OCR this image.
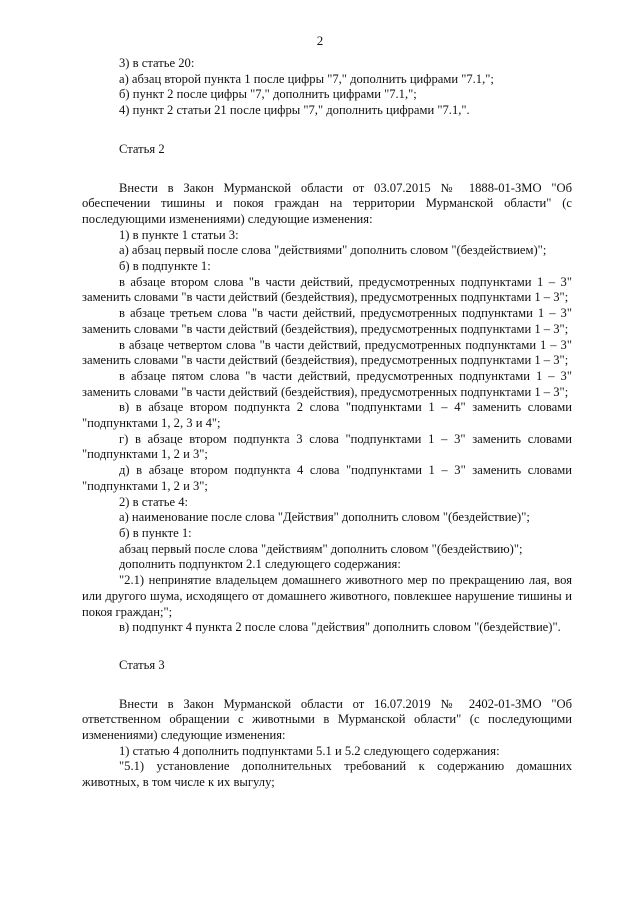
2

3) в статье 20:

а) абзац второй пункта 1 после цифры "7," дополнить цифрами "7.1,";

б) пункт 2 после цифры "7," дополнить цифрами "7.1,";

4) пункт 2 статьи 21 после цифры "7," дополнить цифрами "7.1,".

Статья 2

Внести в Закон Мурманской области от 03.07.2015 № 1888-01-ЗМО "Об обеспечении тишины и покоя граждан на территории Мурманской области" (с последующими изменениями) следующие изменения:

1) в пункте 1 статьи 3:

а) абзац первый после слова "действиями" дополнить словом "(бездействием)";

б) в подпункте 1:

в абзаце втором слова "в части действий, предусмотренных подпунктами 1 – 3" заменить словами "в части действий (бездействия), предусмотренных подпунктами 1 – 3";

в абзаце третьем слова "в части действий, предусмотренных подпунктами 1 – 3" заменить словами "в части действий (бездействия), предусмотренных подпунктами 1 – 3";

в абзаце четвертом слова "в части действий, предусмотренных подпунктами 1 – 3" заменить словами "в части действий (бездействия), предусмотренных подпунктами 1 – 3";

в абзаце пятом слова "в части действий, предусмотренных подпунктами 1 – 3" заменить словами "в части действий (бездействия), предусмотренных подпунктами 1 – 3";

в) в абзаце втором подпункта 2 слова "подпунктами 1 – 4" заменить словами "подпунктами 1, 2, 3 и 4";

г) в абзаце втором подпункта 3 слова "подпунктами 1 – 3" заменить словами "подпунктами 1, 2 и 3";

д) в абзаце втором подпункта 4 слова "подпунктами 1 – 3" заменить словами "подпунктами 1, 2 и 3";

2) в статье 4:

а) наименование после слова "Действия" дополнить словом "(бездействие)";

б) в пункте 1:

абзац первый после слова "действиям" дополнить словом "(бездействию)";

дополнить подпунктом 2.1 следующего содержания:

"2.1) непринятие владельцем домашнего животного мер по прекращению лая, воя или другого шума, исходящего от домашнего животного, повлекшее нарушение тишины и покоя граждан;";

в) подпункт 4 пункта 2 после слова "действия" дополнить словом "(бездействие)".

Статья 3

Внести в Закон Мурманской области от 16.07.2019 № 2402-01-ЗМО "Об ответственном обращении с животными в Мурманской области" (с последующими изменениями) следующие изменения:

1) статью 4 дополнить подпунктами 5.1 и 5.2 следующего содержания:

"5.1) установление дополнительных требований к содержанию домашних животных, в том числе к их выгулу;
